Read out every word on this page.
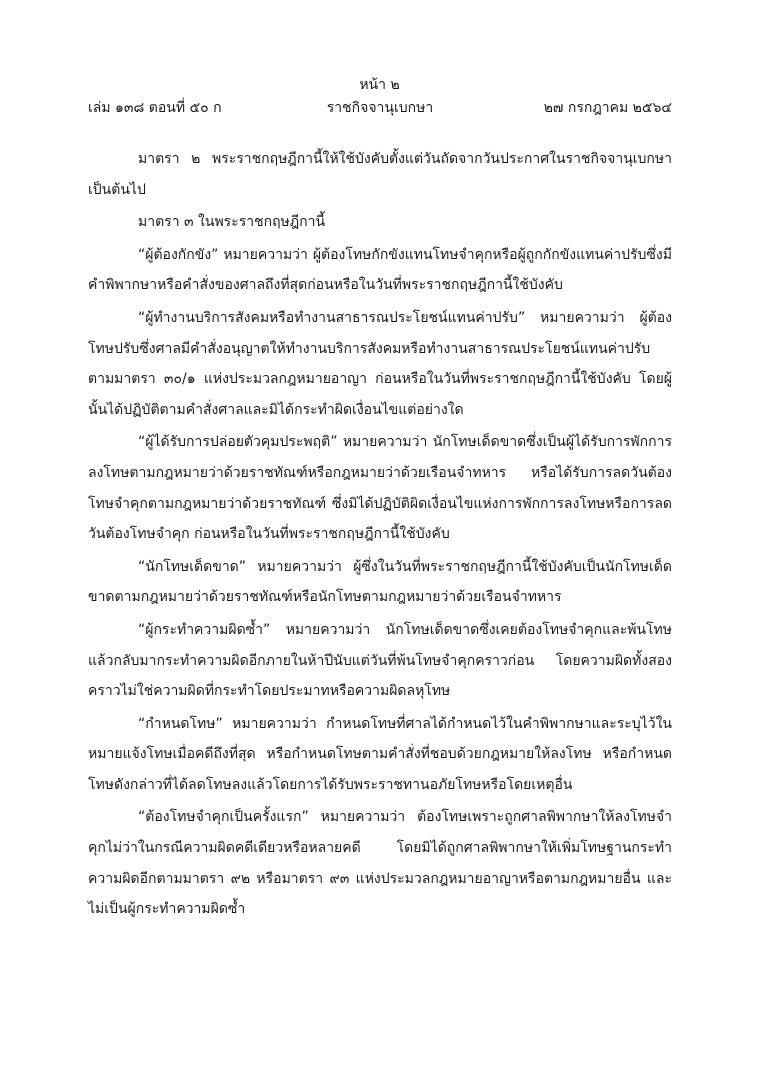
หน้า ๒
เล่ม ๑๓๘ ตอนที่ ๕๐ ก	ราชกิจจานุเบกษา	๒๗ กรกฎาคม ๒๕๖๔

มาตรา ๒ พระราชกฤษฎีกานี้ให้ใช้บังคับตั้งแต่วันถัดจากวันประกาศในราชกิจจานุเบกษาเป็นต้นไป

มาตรา ๓ ในพระราชกฤษฎีกานี้

“ผู้ต้องกักขัง” หมายความว่า ผู้ต้องโทษกักขังแทนโทษจำคุกหรือผู้ถูกกักขังแทนค่าปรับซึ่งมีคำพิพากษาหรือคำสั่งของศาลถึงที่สุดก่อนหรือในวันที่พระราชกฤษฎีกานี้ใช้บังคับ

“ผู้ทำงานบริการสังคมหรือทำงานสาธารณประโยชน์แทนค่าปรับ” หมายความว่า ผู้ต้องโทษปรับซึ่งศาลมีคำสั่งอนุญาตให้ทำงานบริการสังคมหรือทำงานสาธารณประโยชน์แทนค่าปรับตามมาตรา ๓๐/๑ แห่งประมวลกฎหมายอาญา ก่อนหรือในวันที่พระราชกฤษฎีกานี้ใช้บังคับ โดยผู้นั้นได้ปฏิบัติตามคำสั่งศาลและมิได้กระทำผิดเงื่อนไขแต่อย่างใด

“ผู้ได้รับการปล่อยตัวคุมประพฤติ” หมายความว่า นักโทษเด็ดขาดซึ่งเป็นผู้ได้รับการพักการลงโทษตามกฎหมายว่าด้วยราชทัณฑ์หรือกฎหมายว่าด้วยเรือนจำทหาร หรือได้รับการลดวันต้องโทษจำคุกตามกฎหมายว่าด้วยราชทัณฑ์ ซึ่งมิได้ปฏิบัติผิดเงื่อนไขแห่งการพักการลงโทษหรือการลดวันต้องโทษจำคุก ก่อนหรือในวันที่พระราชกฤษฎีกานี้ใช้บังคับ

“นักโทษเด็ดขาด” หมายความว่า ผู้ซึ่งในวันที่พระราชกฤษฎีกานี้ใช้บังคับเป็นนักโทษเด็ดขาดตามกฎหมายว่าด้วยราชทัณฑ์หรือนักโทษตามกฎหมายว่าด้วยเรือนจำทหาร

“ผู้กระทำความผิดซ้ำ” หมายความว่า นักโทษเด็ดขาดซึ่งเคยต้องโทษจำคุกและพ้นโทษแล้วกลับมากระทำความผิดอีกภายในห้าปีนับแต่วันที่พ้นโทษจำคุกคราวก่อน โดยความผิดทั้งสองคราวไม่ใช่ความผิดที่กระทำโดยประมาทหรือความผิดลหุโทษ

“กำหนดโทษ” หมายความว่า กำหนดโทษที่ศาลได้กำหนดไว้ในคำพิพากษาและระบุไว้ในหมายแจ้งโทษเมื่อคดีถึงที่สุด หรือกำหนดโทษตามคำสั่งที่ชอบด้วยกฎหมายให้ลงโทษ หรือกำหนดโทษดังกล่าวที่ได้ลดโทษลงแล้วโดยการได้รับพระราชทานอภัยโทษหรือโดยเหตุอื่น

“ต้องโทษจำคุกเป็นครั้งแรก” หมายความว่า ต้องโทษเพราะถูกศาลพิพากษาให้ลงโทษจำคุกไม่ว่าในกรณีความผิดคดีเดียวหรือหลายคดี โดยมิได้ถูกศาลพิพากษาให้เพิ่มโทษฐานกระทำความผิดอีกตามมาตรา ๙๒ หรือมาตรา ๙๓ แห่งประมวลกฎหมายอาญาหรือตามกฎหมายอื่น และไม่เป็นผู้กระทำความผิดซ้ำ
